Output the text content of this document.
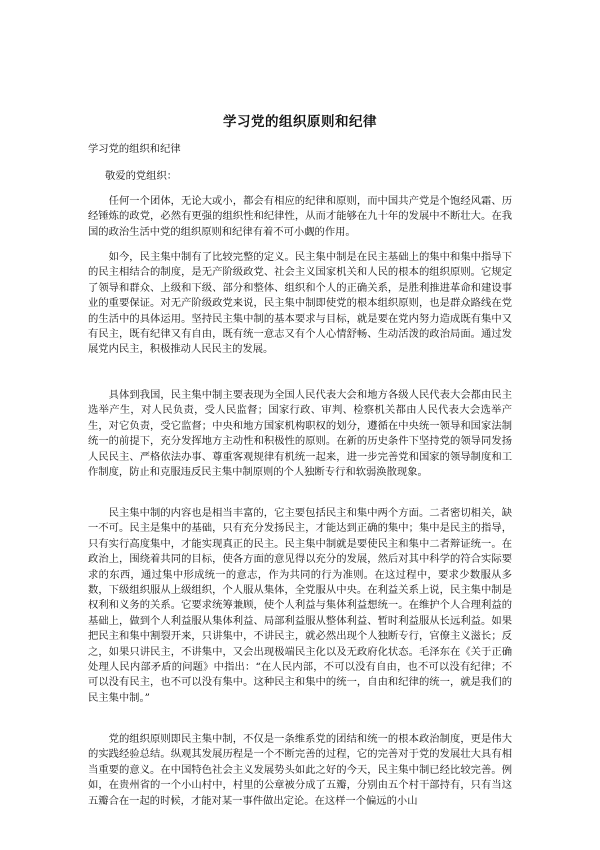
学习党的组织原则和纪律
学习党的组织和纪律
敬爱的党组织：

任何一个团体，无论大或小，都会有相应的纪律和原则，而中国共产党是个饱经风霜、历经锤炼的政党，必然有更强的组织性和纪律性，从而才能够在九十年的发展中不断壮大。在我国的政治生活中党的组织原则和纪律有着不可小觑的作用。

如今，民主集中制有了比较完整的定义。民主集中制是在民主基础上的集中和集中指导下的民主相结合的制度，是无产阶级政党、社会主义国家机关和人民的根本的组织原则。它规定了领导和群众、上级和下级、部分和整体、组织和个人的正确关系，是胜利推进革命和建设事业的重要保证。对无产阶级政党来说，民主集中制即使党的根本组织原则，也是群众路线在党的生活中的具体运用。坚持民主集中制的基本要求与目标，就是要在党内努力造成既有集中又有民主，既有纪律又有自由，既有统一意志又有个人心情舒畅、生动活泼的政治局面。通过发展党内民主，积极推动人民民主的发展。

具体到我国，民主集中制主要表现为全国人民代表大会和地方各级人民代表大会都由民主选举产生，对人民负责，受人民监督；国家行政、审判、检察机关都由人民代表大会选举产生，对它负责，受它监督；中央和地方国家机构职权的划分，遵循在中央统一领导和国家法制统一的前提下，充分发挥地方主动性和积极性的原则。在新的历史条件下坚持党的领导同发扬人民民主、严格依法办事、尊重客观规律有机统一起来，进一步完善党和国家的领导制度和工作制度，防止和克服违反民主集中制原则的个人独断专行和软弱涣散现象。

民主集中制的内容也是相当丰富的，它主要包括民主和集中两个方面。二者密切相关，缺一不可。民主是集中的基础，只有充分发扬民主，才能达到正确的集中；集中是民主的指导，只有实行高度集中，才能实现真正的民主。民主集中制就是要使民主和集中二者辩证统一。在政治上，围绕着共同的目标，使各方面的意见得以充分的发展，然后对其中科学的符合实际要求的东西，通过集中形成统一的意志，作为共同的行为准则。在这过程中，要求少数服从多数，下级组织服从上级组织，个人服从集体，全党服从中央。在利益关系上说，民主集中制是权利和义务的关系。它要求统筹兼顾，使个人利益与集体利益想统一。在维护个人合理利益的基础上，做到个人利益服从集体利益、局部利益服从整体利益、暂时利益服从长远利益。如果把民主和集中割裂开来，只讲集中，不讲民主，就必然出现个人独断专行，官僚主义滋长；反之，如果只讲民主，不讲集中，又会出现极端民主化以及无政府化状态。毛泽东在《关于正确处理人民内部矛盾的问题》中指出：“在人民内部，不可以没有自由，也不可以没有纪律；不可以没有民主，也不可以没有集中。这种民主和集中的统一，自由和纪律的统一，就是我们的民主集中制。”

党的组织原则即民主集中制，不仅是一条维系党的团结和统一的根本政治制度，更是伟大的实践经验总结。纵观其发展历程是一个不断完善的过程，它的完善对于党的发展壮大具有相当重要的意义。在中国特色社会主义发展势头如此之好的今天，民主集中制已经比较完善。例如，在贵州省的一个小山村中，村里的公章被分成了五瓣，分别由五个村干部持有，只有当这五瓣合在一起的时候，才能对某一事件做出定论。在这样一个偏远的小山
